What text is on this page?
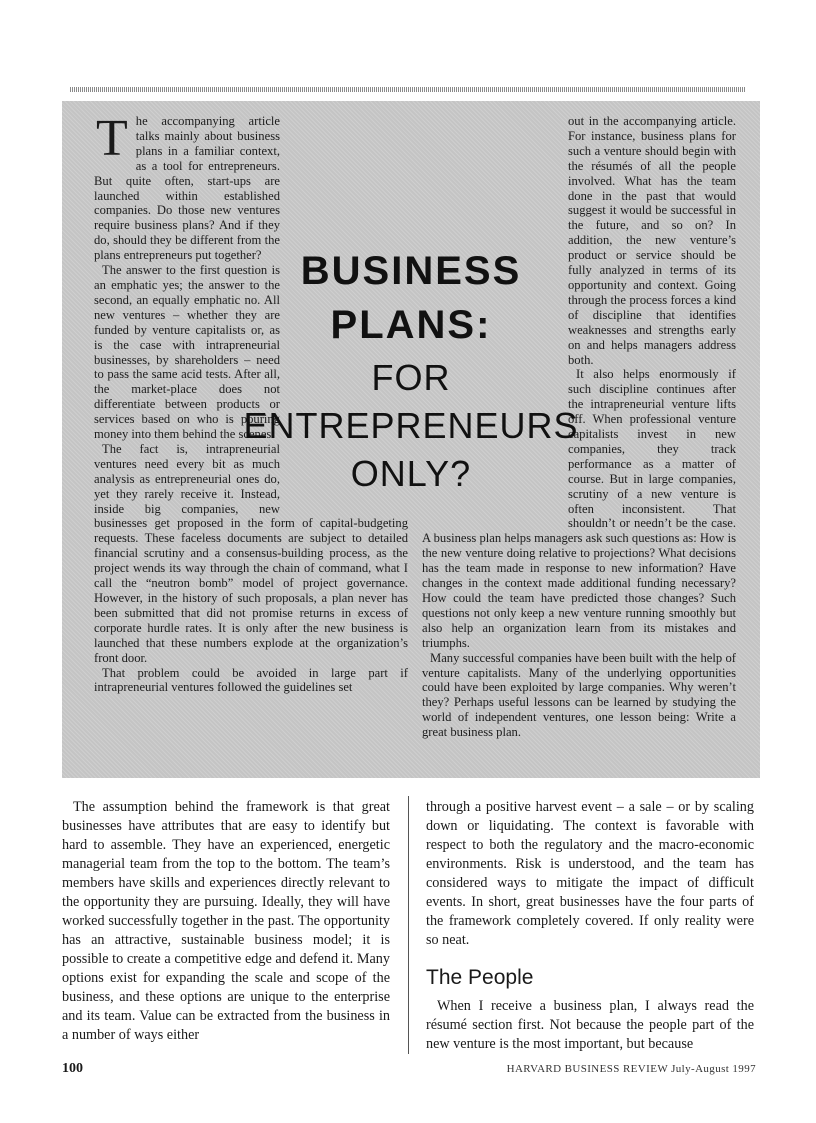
The accompanying article talks mainly about business plans in a familiar context, as a tool for entrepreneurs. But quite often, start-ups are launched within established companies. Do those new ventures require business plans? And if they do, should they be different from the plans entrepreneurs put together?

The answer to the first question is an emphatic yes; the answer to the second, an equally emphatic no. All new ventures – whether they are funded by venture capitalists or, as is the case with intrapreneurial businesses, by shareholders – need to pass the same acid tests. After all, the market-place does not differentiate between products or services based on who is pouring money into them behind the scenes.

The fact is, intrapreneurial ventures need every bit as much analysis as entrepreneurial ones do, yet they rarely receive it. Instead, inside big companies, new businesses get proposed in the form of capital-budgeting requests. These faceless documents are subject to detailed financial scrutiny and a consensus-building process, as the project wends its way through the chain of command, what I call the “neutron bomb” model of project governance. However, in the history of such proposals, a plan never has been submitted that did not promise returns in excess of corporate hurdle rates. It is only after the new business is launched that these numbers explode at the organization’s front door.

That problem could be avoided in large part if intrapreneurial ventures followed the guidelines set

out in the accompanying article. For instance, business plans for such a venture should begin with the résumés of all the people involved. What has the team done in the past that would suggest it would be successful in the future, and so on? In addition, the new venture’s product or service should be fully analyzed in terms of its opportunity and context. Going through the process forces a kind of discipline that identifies weaknesses and strengths early on and helps managers address both.

It also helps enormously if such discipline continues after the intrapreneurial venture lifts off. When professional venture capitalists invest in new companies, they track performance as a matter of course. But in large companies, scrutiny of a new venture is often inconsistent. That shouldn’t or needn’t be the case. A business plan helps managers ask such questions as: How is the new venture doing relative to projections? What decisions has the team made in response to new information? Have changes in the context made additional funding necessary? How could the team have predicted those changes? Such questions not only keep a new venture running smoothly but also help an organization learn from its mistakes and triumphs.

Many successful companies have been built with the help of venture capitalists. Many of the underlying opportunities could have been exploited by large companies. Why weren’t they? Perhaps useful lessons can be learned by studying the world of independent ventures, one lesson being: Write a great business plan.

BUSINESS
PLANS:
FOR
ENTREPRENEURS
ONLY?

The assumption behind the framework is that great businesses have attributes that are easy to identify but hard to assemble. They have an experienced, energetic managerial team from the top to the bottom. The team’s members have skills and experiences directly relevant to the opportunity they are pursuing. Ideally, they will have worked successfully together in the past. The opportunity has an attractive, sustainable business model; it is possible to create a competitive edge and defend it. Many options exist for expanding the scale and scope of the business, and these options are unique to the enterprise and its team. Value can be extracted from the business in a number of ways either

through a positive harvest event – a sale – or by scaling down or liquidating. The context is favorable with respect to both the regulatory and the macro-economic environments. Risk is understood, and the team has considered ways to mitigate the impact of difficult events. In short, great businesses have the four parts of the framework completely covered. If only reality were so neat.

The People

When I receive a business plan, I always read the résumé section first. Not because the people part of the new venture is the most important, but because

100	HARVARD BUSINESS REVIEW July-August 1997
